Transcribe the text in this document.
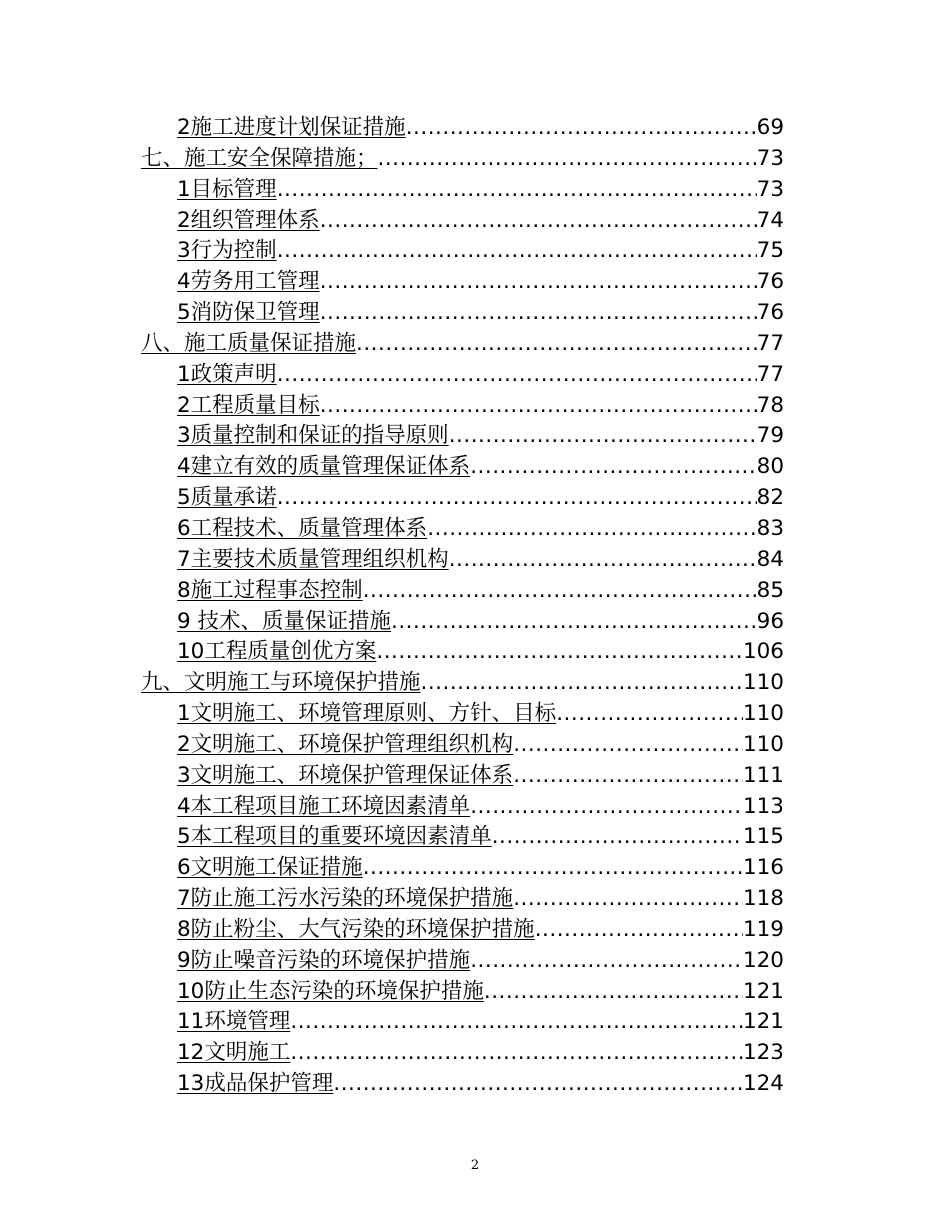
2施工进度计划保证措施 .....	69
七、施工安全保障措施； .....	73
1目标管理 .....	73
2组织管理体系 .....	74
3行为控制 .....	75
4劳务用工管理 .....	76
5消防保卫管理 .....	76
八、施工质量保证措施 .....	77
1政策声明 .....	77
2工程质量目标 .....	78
3质量控制和保证的指导原则 .....	79
4建立有效的质量管理保证体系 .....	80
5质量承诺 .....	82
6工程技术、质量管理体系 .....	83
7主要技术质量管理组织机构 .....	84
8施工过程事态控制 .....	85
9 技术、质量保证措施 .....	96
10工程质量创优方案 .....	106
九、文明施工与环境保护措施 .....	110
1文明施工、环境管理原则、方针、目标 .....	110
2文明施工、环境保护管理组织机构 .....	110
3文明施工、环境保护管理保证体系 .....	111
4本工程项目施工环境因素清单 .....	113
5本工程项目的重要环境因素清单 .....	115
6文明施工保证措施 .....	116
7防止施工污水污染的环境保护措施 .....	118
8防止粉尘、大气污染的环境保护措施 .....	119
9防止噪音污染的环境保护措施 .....	120
10防止生态污染的环境保护措施 .....	121
11环境管理 .....	121
12文明施工 .....	123
13成品保护管理 .....	124
2
